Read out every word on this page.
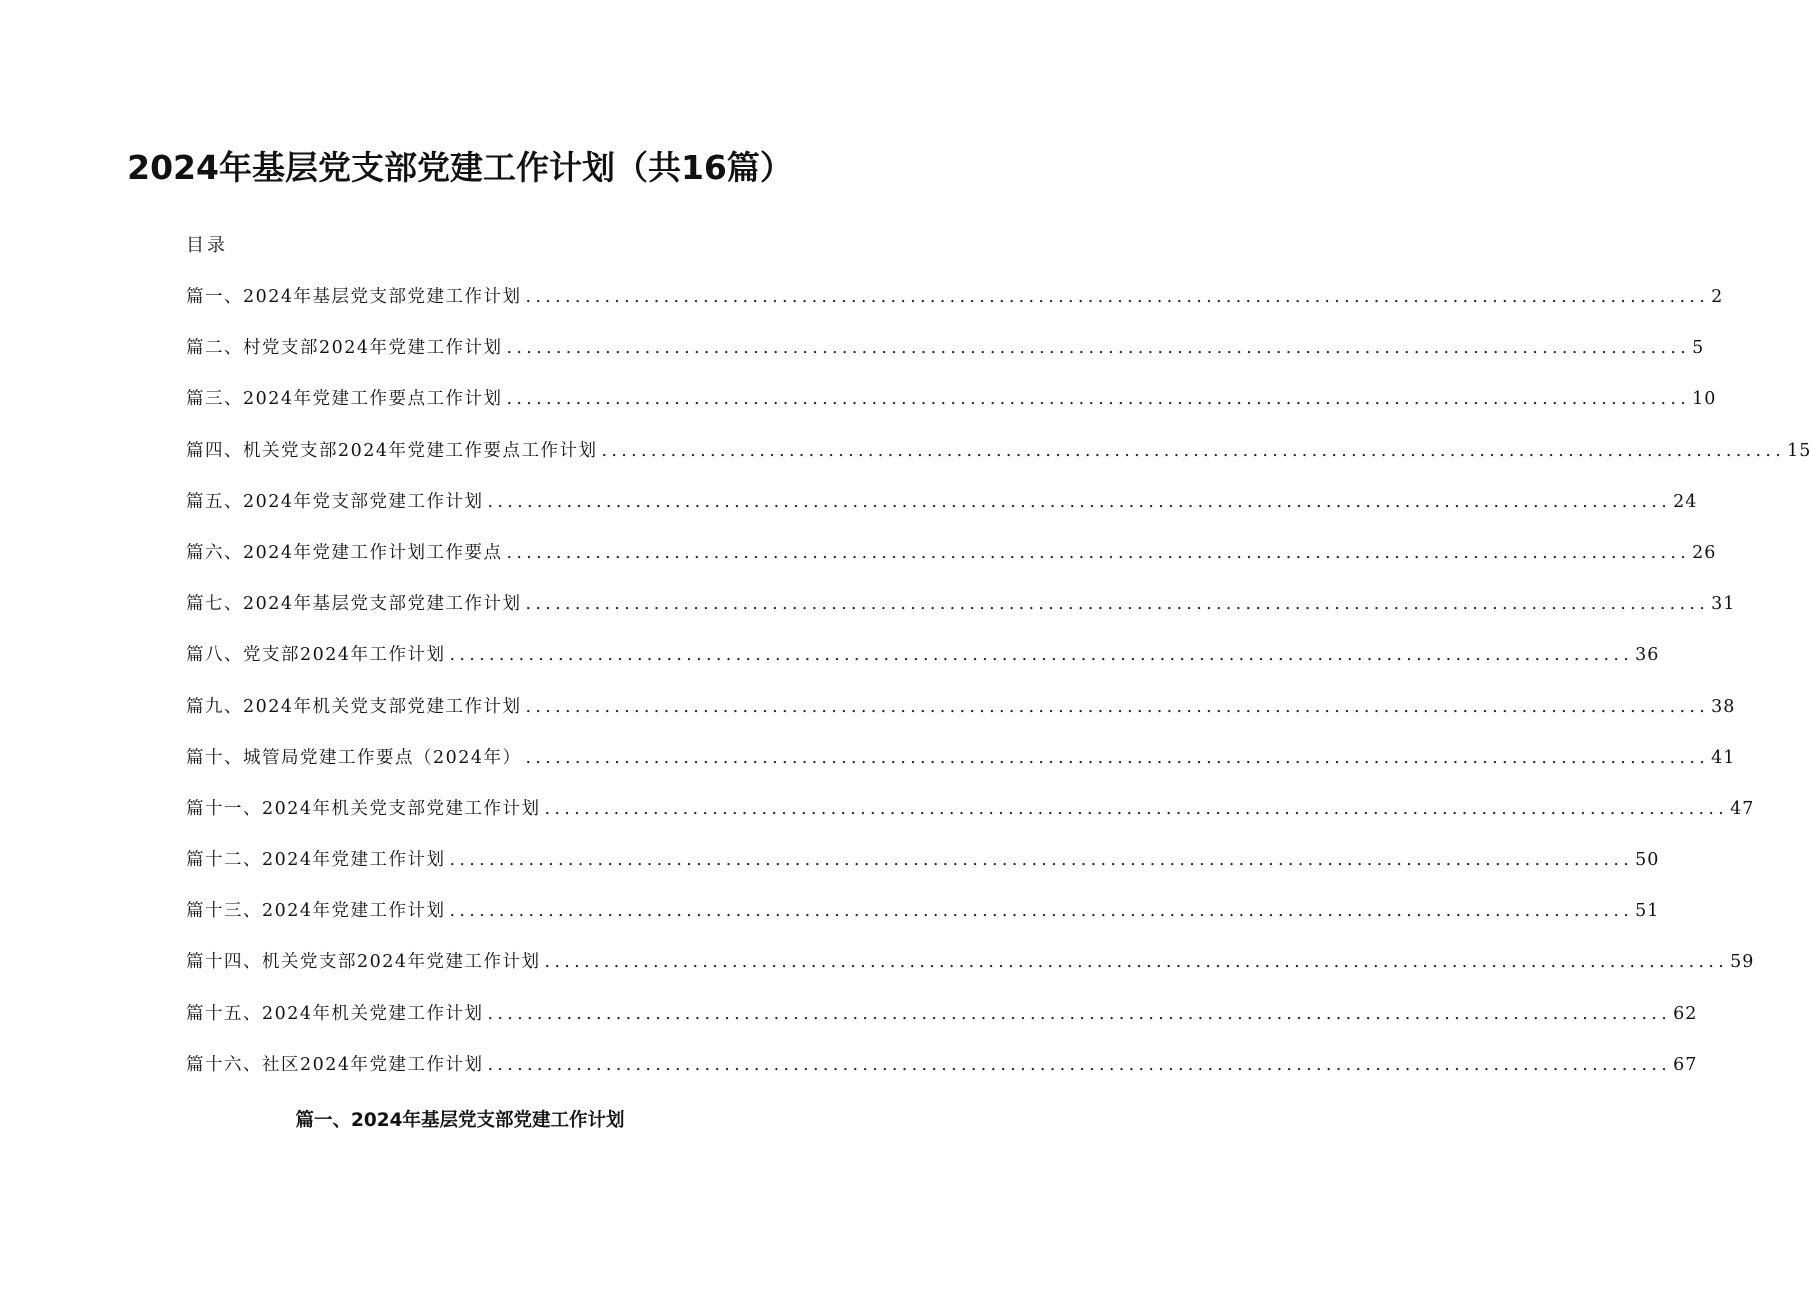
2024年基层党支部党建工作计划（共16篇）
目录
篇一、2024年基层党支部党建工作计划 ........................................................................................................................ 2
篇二、村党支部2024年党建工作计划 ........................................................................................................................ 5
篇三、2024年党建工作要点工作计划 ........................................................................................................................ 10
篇四、机关党支部2024年党建工作要点工作计划 ........................................................................................................................ 15
篇五、2024年党支部党建工作计划 ........................................................................................................................ 24
篇六、2024年党建工作计划工作要点 ........................................................................................................................ 26
篇七、2024年基层党支部党建工作计划 ........................................................................................................................ 31
篇八、党支部2024年工作计划 ........................................................................................................................ 36
篇九、2024年机关党支部党建工作计划 ........................................................................................................................ 38
篇十、城管局党建工作要点（2024年） ........................................................................................................................ 41
篇十一、2024年机关党支部党建工作计划 ........................................................................................................................ 47
篇十二、2024年党建工作计划 ........................................................................................................................ 50
篇十三、2024年党建工作计划 ........................................................................................................................ 51
篇十四、机关党支部2024年党建工作计划 ........................................................................................................................ 59
篇十五、2024年机关党建工作计划 ........................................................................................................................ 62
篇十六、社区2024年党建工作计划 ........................................................................................................................ 67
篇一、2024年基层党支部党建工作计划
